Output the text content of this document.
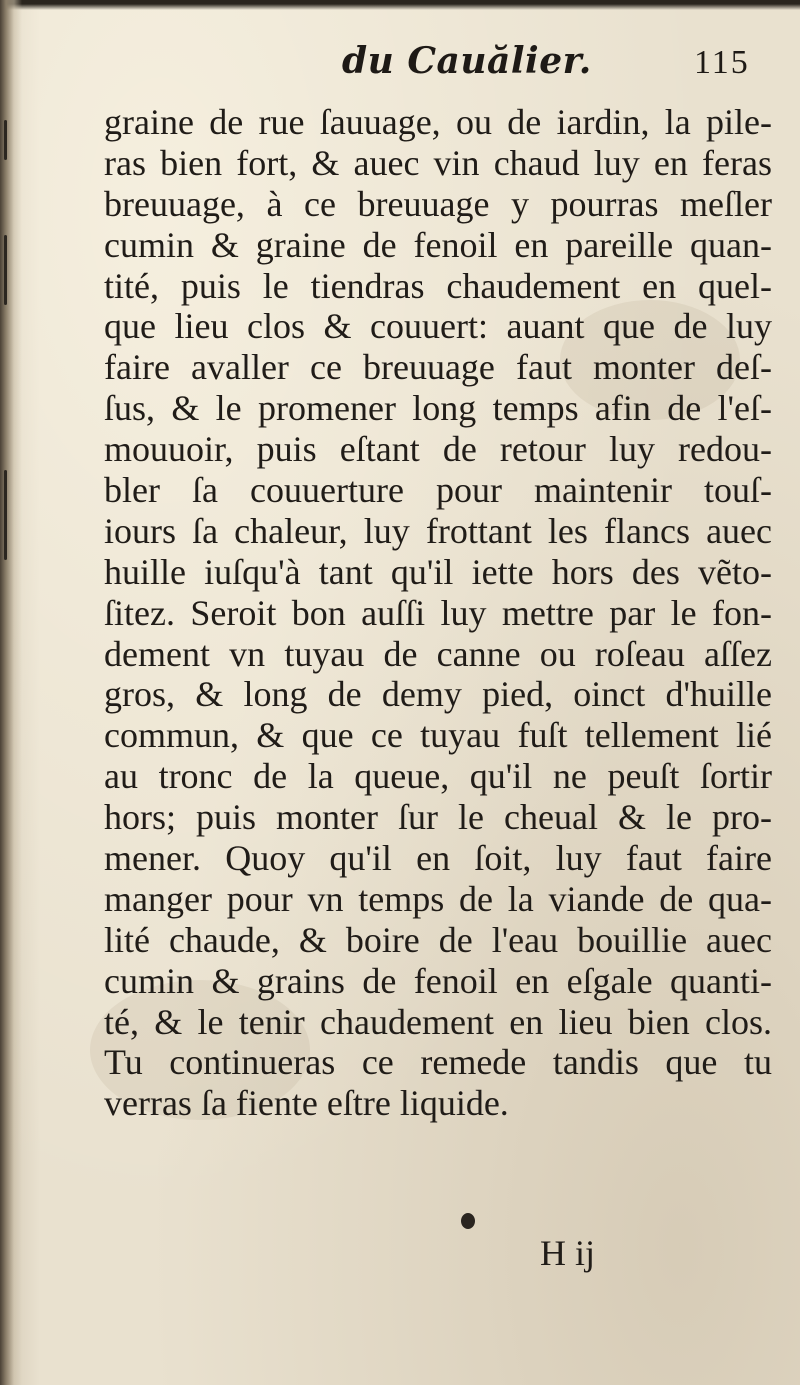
du Cauălier.	115
graine de rue ſauuage, ou de iardin, la pile-
ras bien fort, & auec vin chaud luy en feras
breuuage, à ce breuuage y pourras meſler
cumin & graine de fenoil en pareille quan-
tité, puis le tiendras chaudement en quel-
que lieu clos & couuert: auant que de luy
faire avaller ce breuuage faut monter deſ-
ſus, & le promener long temps afin de l'eſ-
mouuoir, puis eſtant de retour luy redou-
bler ſa couuerture pour maintenir touſ-
iours ſa chaleur, luy frottant les flancs auec
huille iuſqu'à tant qu'il iette hors des vẽto-
ſitez. Seroit bon auſſi luy mettre par le fon-
dement vn tuyau de canne ou roſeau aſſez
gros, & long de demy pied, oinct d'huille
commun, & que ce tuyau fuſt tellement lié
au tronc de la queue, qu'il ne peuſt ſortir
hors; puis monter ſur le cheual & le pro-
mener. Quoy qu'il en ſoit, luy faut faire
manger pour vn temps de la viande de qua-
lité chaude, & boire de l'eau bouillie auec
cumin & grains de fenoil en eſgale quanti-
té, & le tenir chaudement en lieu bien clos.
Tu continueras ce remede tandis que tu
verras ſa fiente eſtre liquide.
H ij
